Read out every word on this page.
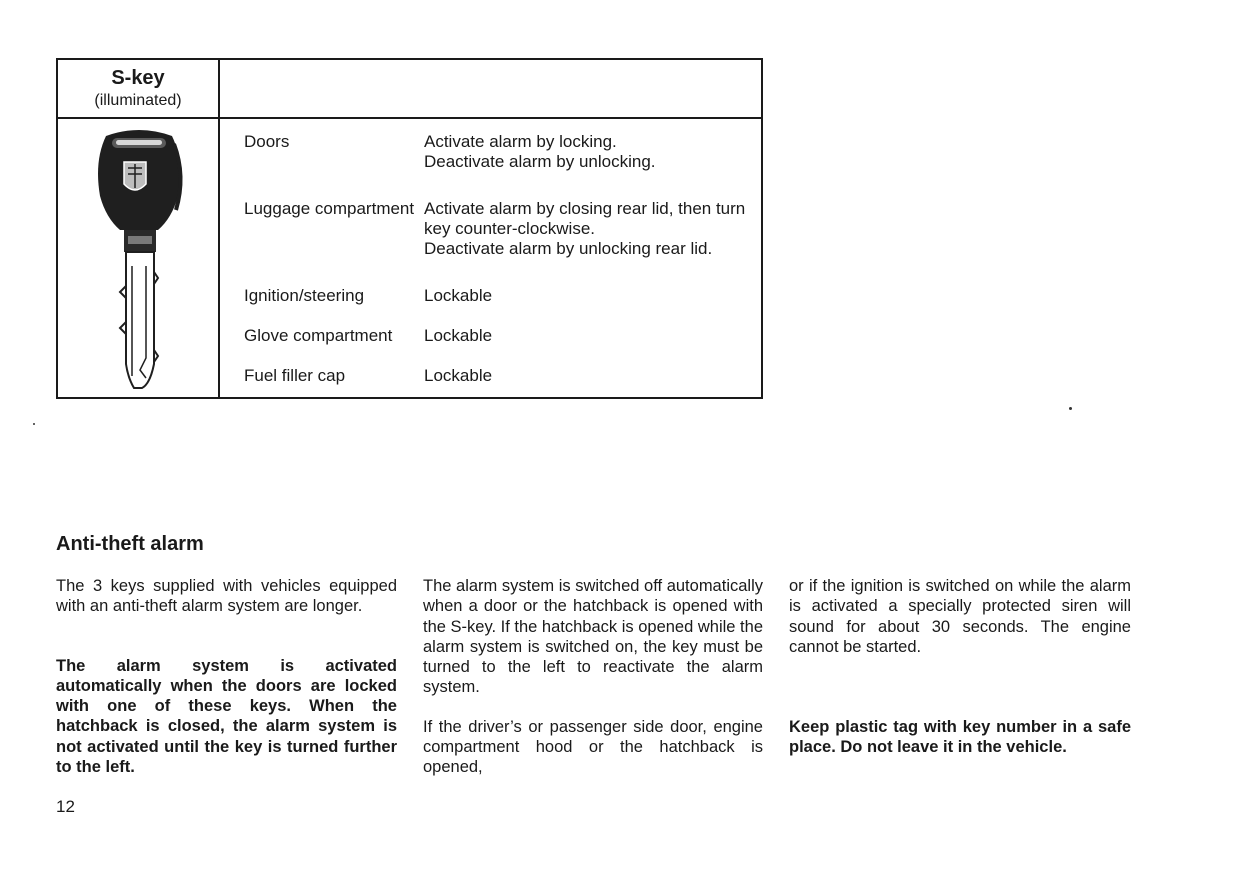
S-key
(illuminated)
Doors	Activate alarm by locking.
Deactivate alarm by unlocking.
Luggage compartment Activate alarm by closing rear lid, then turn
key counter-clockwise.
Deactivate alarm by unlocking rear lid.
Ignition/steering	Lockable
Glove compartment Lockable
Fuel filler cap	Lockable
Anti-theft alarm

The 3 keys supplied with vehicles equipped with an anti-theft alarm system are longer.

The alarm system is activated automatically when the doors are locked with one of these keys. When the hatchback is closed, the alarm system is not activated until the key is turned further to the left.

The alarm system is switched off automatically when a door or the hatchback is opened with the S-key. If the hatchback is opened while the alarm system is switched on, the key must be turned to the left to reactivate the alarm system.

If the driver’s or passenger side door, engine compartment hood or the hatchback is opened,

or if the ignition is switched on while the alarm is activated a specially protected siren will sound for about 30 seconds. The engine cannot be started.

Keep plastic tag with key number in a safe place. Do not leave it in the vehicle.

12
